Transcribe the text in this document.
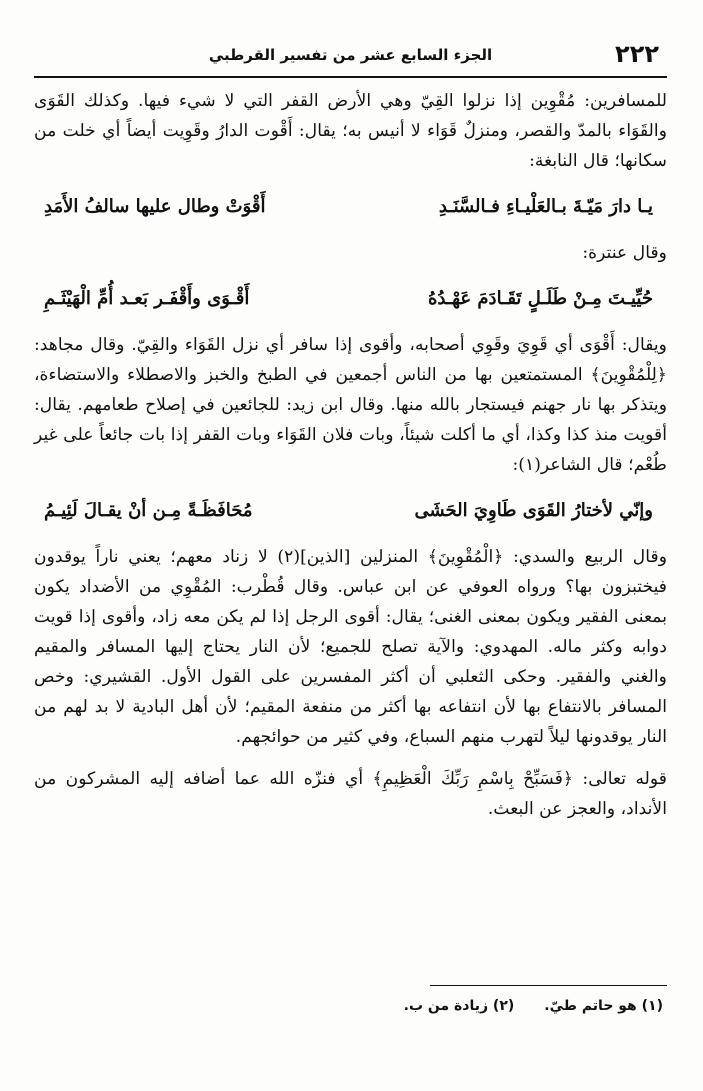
٢٢٢
الجزء السابع عشر من تفسير القرطبي

للمسافرين: مُقْوِين إذا نزلوا القِيّ وهي الأرض القفر التي لا شيء فيها. وكذلك القَوَى والقَوَاء بالمدّ والقصر، ومنزلٌ قَوَاء لا أنيس به؛ يقال: أَقْوت الدارُ وقَوِيت أيضاً أي خلت من سكانها؛ قال النابغة:

يـا دارَ مَيّـةَ بـالعَلْيـاءِ فـالسَّنَـدِ
أَقْوَتْ وطال عليها سالفُ الأَمَدِ

وقال عنترة:

حُيِّيـتَ مِـنْ طَلَـلٍ تَقَـادَمَ عَهْـدُهُ
أَقْـوَى وأَقْفَـر بَعـد أُمِّ الْهَيْثَـمِ

ويقال: أَقْوَى أي قَوِيَ وقَوِي أصحابه، وأقوى إذا سافر أي نزل القَوَاء والقِيّ. وقال مجاهد: ﴿لِلْمُقْوِينَ﴾ المستمتعين بها من الناس أجمعين في الطبخ والخبز والاصطلاء والاستضاءة، ويتذكر بها نار جهنم فيستجار بالله منها. وقال ابن زيد: للجائعين في إصلاح طعامهم. يقال: أقويت منذ كذا وكذا، أي ما أكلت شيئاً، وبات فلان القَوَاء وبات القفر إذا بات جائعاً على غير طُعْم؛ قال الشاعر(١):

وإنّي لأختارُ القَوَى طَاوِيَ الحَشَى
مُحَافَظَـةً مِـن أنْ يقـالَ لَئِيـمُ

وقال الربيع والسدي: ﴿الْمُقْوِينَ﴾ المنزلين [الذين](٢) لا زناد معهم؛ يعني ناراً يوقدون فيختبزون بها؟ ورواه العوفي عن ابن عباس. وقال قُطْرب: المُقْوِي من الأضداد يكون بمعنى الفقير ويكون بمعنى الغنى؛ يقال: أقوى الرجل إذا لم يكن معه زاد، وأقوى إذا قويت دوابه وكثر ماله. المهدوي: والآية تصلح للجميع؛ لأن النار يحتاج إليها المسافر والمقيم والغني والفقير. وحكى الثعلبي أن أكثر المفسرين على القول الأول. القشيري: وخص المسافر بالانتفاع بها لأن انتفاعه بها أكثر من منفعة المقيم؛ لأن أهل البادية لا بد لهم من النار يوقدونها ليلاً لتهرب منهم السباع، وفي كثير من حوائجهم.

قوله تعالى: ﴿فَسَبِّحْ بِاسْمِ رَبِّكَ الْعَظِيمِ﴾ أي فنزّه الله عما أضافه إليه المشركون من الأنداد، والعجز عن البعث.

(١) هو حاتم طيّ.
(٢) زيادة من ب.
